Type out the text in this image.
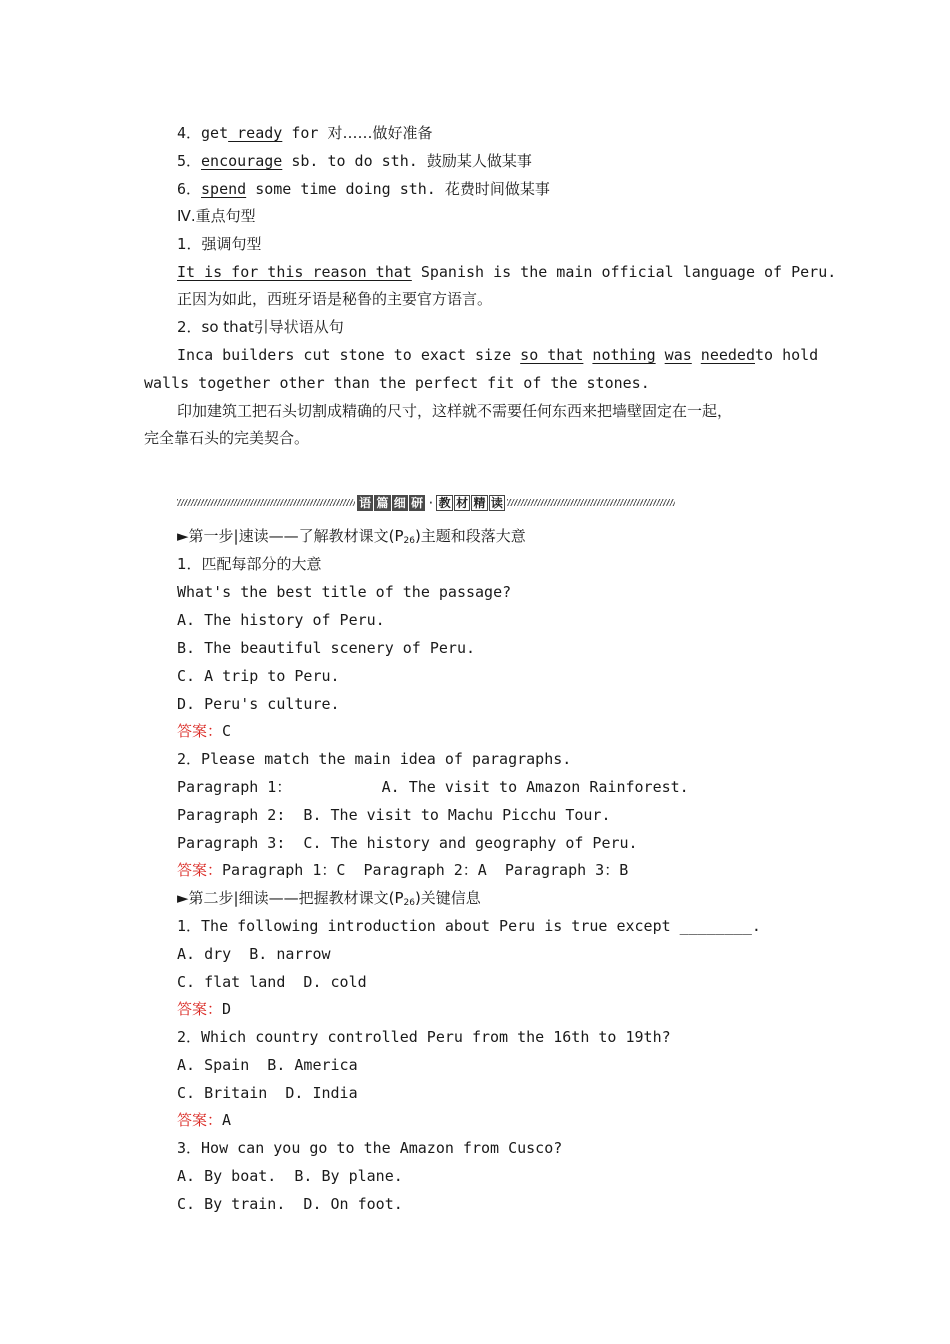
4．get ready for 对……做好准备
5．encourage sb. to do sth. 鼓励某人做某事
6．spend some time doing sth. 花费时间做某事
Ⅳ.重点句型
1．强调句型
It is for this reason that Spanish is the main official language of Peru.
正因为如此，西班牙语是秘鲁的主要官方语言。
2．so that引导状语从句
Inca builders cut stone to exact size so that nothing was needed to hold
walls together other than the perfect fit of the stones.
印加建筑工把石头切割成精确的尺寸，这样就不需要任何东西来把墙壁固定在一起，
完全靠石头的完美契合。
语 篇 细 研 · 教 材 精 读
►第一步|速读——了解教材课文$(P_{26})$主题和段落大意
1．匹配每部分的大意
What's the best title of the passage?
A. The history of Peru.
B. The beautiful scenery of Peru.
C. A trip to Peru.
D. Peru's culture.
答案：C
2．Please match the main idea of paragraphs.
Paragraph 1：          A. The visit to Amazon Rainforest.
Paragraph 2:  B. The visit to Machu Picchu Tour.
Paragraph 3:  C. The history and geography of Peru.
答案：Paragraph 1：C  Paragraph 2：A  Paragraph 3：B
►第二步|细读——把握教材课文$(P_{26})$关键信息
1．The following introduction about Peru is true except ________.
A. dry  B. narrow
C. flat land  D. cold
答案：D
2．Which country controlled Peru from the 16th to 19th?
A. Spain  B. America
C. Britain  D. India
答案：A
3．How can you go to the Amazon from Cusco?
A. By boat.  B. By plane.
C. By train.  D. On foot.
